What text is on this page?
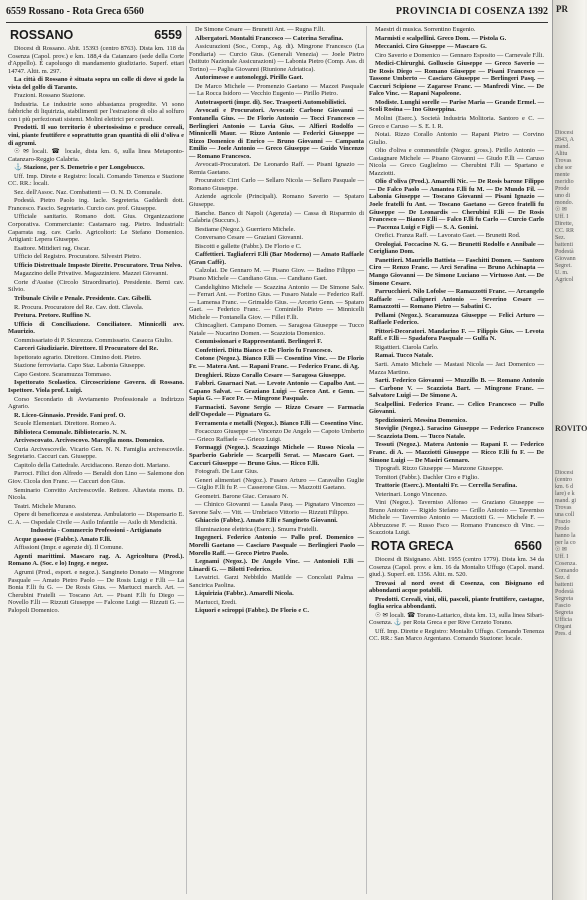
6559 Rossano - Rota Greca 6560	PROVINCIA DI COSENZA 1392
ROSSANO	6559

Diocesi di Rossano. Abit. 15393 (centro 8763). Dista km. 118 da Cosenza (Capol. prov.) e km. 188,4 da Catanzaro (sede della Corte d'Appello). È capoluogo di mandamento giudiziario. Superf. ettari 14747. Altit. m. 297.

La città di Rossano è situata sopra un colle di dove si gode la vista del golfo di Taranto.

Frazioni. Rossano Stazione.

Industria. Le industrie sono abbastanza progredite. Vi sono fabbriche di liquirizia, stabilimenti per l'estrazione di olio al solfuro con i più perfezionati sistemi. Molini elettrici per cereali.

Prodotti. Il suo territorio è ubertosissimo e produce cereali, vini, piante fruttifere e soprattutto gran quantità di olii d'oliva e di agrumi.

☉ ✉ locali. ☎ locale, dista km. 6, sulla linea Metaponto-Catanzaro-Reggio Calabria.

⚓ Stazione, per S. Demetrio e per Longobucco.

Uff. Imp. Direte e Registro: locali. Comando Tenenza e Stazione CC. RR.: locali.

Sez. dell'Assoc. Naz. Combattenti — O. N. D. Comunale.

Podestà. Pietro Paolo ing. Iacle. Segreteria. Gaddardi dott. Francesco. Fascio. Segretario. Curcio cav. prof. Giuseppe.

Ufficiale sanitario. Romano dott. Gius. Organizzazione Corporativa. Commerciante: Castamaro rag. Pietro. Industriali: Caparrata rag. cav. Carlo. Agricoltori: Le Stefano Domenico. Artigiani: Lepera Giuseppe.

Esattore. Mitidieri rag. Oscar.

Ufficio del Registro. Procuratore. Silvestri Pietro.

Ufficio Distrettuale Imposte Dirette. Procuratore. Trua Nelvo.

Magazzino delle Privative. Magazziniere. Mazzei Giovanni.

Corte d'Assise (Circolo Straordinario). Presidente. Berni cav. Silvio.

Tribunale Civile e Penale. Presidente. Cav. Gibelli.

R. Procura. Procuratore del Re. Cav. dott. Clavola.

Pretura. Pretore. Ruffino N.

Ufficio di Conciliazione. Conciliatore. Minnicelli avv. Maurizio.

Commissariato di P. Sicurezza. Commissario. Casacca Giulio.

Carceri Giudiziarie. Direttore. Il Procuratore del Re.

Ispettorato agrario. Direttore. Cimino dott. Pietro.

Stazione ferroviaria. Capo Staz. Labonia Giuseppe.

Capo Gestore. Scaramuzza Tommaso.

Ispettorato Scolastico. Circoscrizione Govern. di Rossano. Ispettore. Viola prof. Luigi.

Corso Secondario di Avviamento Professionale a Indirizzo Agrario.

R. Liceo-Ginnasio. Preside. Fani prof. O.

Scuole Elementari. Direttore. Romeo A.

Biblioteca Comunale. Bibliotecario. N. N.

Arcivescovato. Arcivescovo. Mareglia mons. Domenico.

Curia Arcivescovile. Vicario Gen. N. N. Famiglia arcivescovile. Segretario. Caccuri can. Giuseppe.

Capitolo della Cattedrale. Arcidiacono. Renzo dott. Mariano.

Parroci. Filici don Alfredo — Beraldi don Lino — Salemone don Giov. Cicola don Franc. — Caccuri don Gius.

Seminario Convitto Arcivescovile. Rettore. Altavista mons. D. Nicola.

Teatri. Michele Murano.

Opere di beneficenza e assistenza. Ambulatorio — Dispensario E. C. A. — Ospedale Civile — Asilo Infantile — Asilo di Mendicità.

Industria - Commercio Professioni - Artigianato

Acque gassose (Fabbr.). Amato F.lli.

Affissioni (Impr. e agenzie di). Il Comune.

Agenti marittimi. Mascaro rag. A. Agricoltura (Prod.). Romano A. (Soc. e lo) Ingeg. e negoz.

Agrumi (Prod., esport. e negoz.). Sangineto Donato — Mingrone Pasquale — Amato Pietro Paolo — De Rosis Luigi e F.lli — La Bonia F.lli fu G. — De Rosis Gius. — Martucci march. Art. — Cherubini Fratelli — Toscano Art. — Pisani F.lli fu Diego — Novello F.lli — Rizzuti Giuseppe — Falcone Luigi — Rizzuti G. — Palopoli Domenico.

De Simone Cesare — Brunetti Ant. — Rugna F.lli.

Albergatori. Montalti Francesco — Caterina Serafina.

Assicurazioni (Soc., Comp., Ag. di). Mingrone Francesco (La Fondiaria) — Curcio Gius. (Generali Venezia) — Joele Pietro (Istituto Nazionale Assicurazioni) — Labonia Pietro (Comp. Ass. di Torino) — Paglia Giovanni (Riunione Adriatica).

Autorimesse e autonoleggi. Pirillo Gaet.

De Marco Michele — Promenzio Gaetano — Mazzei Pasquale — La Rocca Isidoro — Vecchio Eugenio — Pirillo Pietro.

Autotrasporti (impr. di). Soc. Trasporti Automobilistici.

Avvocati e Procuratori. Avvocati: Carbone Giovanni — Fontanella Gius. — De Florio Antonio — Tocci Francesco — Berlingieri Antonio — Lavia Gius. — Alfieri Rodolfo — Minnicelli Maur. — Rizzo Antonio — Federici Giuseppe — Rizzo Domenico di Enrico — Bruno Giovanni — Campanta Emilio — Joele Antonio — Greco Giuseppe — Guido Vincenzo — Romano Francesco.

Avvocati-Procuratori. De Leonardo Raff. — Pisani Ignazio — Remia Gaetano.

Procuratori: Cirri Carlo — Sellaro Nicola — Sellaro Pasquale — Romano Giuseppe.

Aziende agricole (Principali). Romano Saverio — Spataro Giuseppe.

Banche. Banco di Napoli (Agenzia) — Cassa di Risparmio di Calabria (Succurs.).

Bestiame (Negoz.). Guerriero Michele.

Conversano Cesare — Graziani Giovanni.

Biscotti e gallette (Fabbr.). De Florio e C.

Caffettieri. Tagliaferri F.lli (Bar Moderno) — Amato Raffaele (Gran Caffè).

Calzolai. De Gennaro M. — Pisano Giov. — Badino Filippo — Pisano Michele — Candiano Gius. — Candiano Gaet.

Candelighino Michele — Scazzina Antonio — De Simone Salv. — Ferrari Ant. — Fortino Gius. — Fusaro Natale — Federico Raff. — Lamensa Franc. — Grimaldo Gius. — Arcerio Genn. — Spataro Gaet. — Federico Franc. — Cominiello Pietro — Minnicelli Michele — Fontanella Giov. — Fillei F.lli.

Chincaglieri. Campano Domen. — Saragosa Giuseppe — Tucco Natale — Nucarino Domen. — Scazziota Domenico.

Commissionari e Rappresentanti. Berlingeri F.

Confettieri. Ditta Bianco e De Florio fu Francesco.

Cotone (Negoz.). Bianco F.lli — Cosentino Vinc. — De Florio Fr. — Matera Ant. — Rapani Franc. — Federico Franc. di Ag.

Droghieri. Rizzo Corallo Cesare — Saragosa Giuseppe.

Fabbri. Guarnaci Nat. — Levote Antonio — Capalbo Ant. — Capano Salvat. — Graziano Luigi — Greco Ant. e Genn. — Sapia G. — Face Fr. — Mingrone Pasquale.

Farmacisti. Savone Sergio — Rizzo Cesare — Farmacia dell'Ospedale — Pignataro G.

Ferramenta e metalli (Negoz.). Bianco F.lli — Cosentino Vinc.

Focaccuzo Giuseppe — Vincenzo De Angelo — Capoto Umberto — Grieco Raffaele — Grieco Luigi.

Formaggi (Negoz.). Scazzingo Michele — Russo Nicola — Sparberio Gabriele — Scarpelli Serat. — Mascaro Gaet. — Caccuri Giuseppe — Bruno Gius. — Ricco F.lli.

Fotografi. De Laur Gius.

Generi alimentari (Negoz.). Fusaro Arturo — Caravalho Guglie — Giglio F.lli fu P. — Casserone Gius. — Mazzotti Gaetano.

Geometri. Barone Giac. Cerasaro N.

— Chinico Giovanni — Lasala Pasq. — Pignataro Vincenzo — Savone Salv. — Vitt. — Umbriaco Vittorio — Rizzuti Filippo.

Ghiaccio (Fabbr.). Amato F.lli e Sangineto Giovanni.

Illuminazione elettrica (Eserc.). Smurra Fratelli.

Ingegneri. Federico Antonio — Pallo prof. Domenico — Morelli Gaetano — Casciaro Pasquale — Berlingieri Paolo — Morello Raff. — Greco Pietro Paolo.

Legnami (Negoz.). De Angelo Vinc. — Antonioli F.lli — Linardi G. — Bilotti Federico.

Levatrici. Garzi Nebbildo Matilde — Concolati Palma — Sancirica Paolina.

Liquirizia (Fabbr.). Amarelli Nicola.

Martucci, Eredi.

Liquori e sciroppi (Fabbr.). De Florio e C.

Maestri di musica. Sorrentino Eugenio.

Marmisti e scalpellini. Greco Dom. — Pistola G.

Meccanici. Ciro Giuseppe — Mascaro G.

Ciro Saverio e Domenico — Gennaro Esposito — Carnevale F.lli.

Medici-Chirurghi. Golluscio Giuseppe — Greco Saverio — De Rosis Diego — Romano Giuseppe — Pisani Francesco — Tassone Umberto — Casciaro Giuseppe — Berlingeri Pasq. — Caccuri Scipione — Zagarese Franc. — Manfredi Vinc. — De Falco Vinc. — Rapani Napoleone.

Modiste. Lunghi sorelle — Parise Maria — Grande Ermel. — Scoli Rosina — Ino Giuseppina.

Molini (Eserc.). Società Industria Molitoria. Santoro e C. — Greco e Caruso — S. E. I. R.

Notai. Rizzo Corallo Antonio — Rapani Pietro — Corvino Giulio.

Olio d'oliva e commestibile (Negoz. gross.). Pirillo Antonio — Castagnare Michele — Pisano Giovanni — Giudo F.lli — Caruso Nicola — Greco Guglielmo — Cherubini F.lli — Spartano e Mazziotti.

Olio d'oliva (Prod.). Amarelli Nic. — De Rosis barone Filippo — De Falco Paolo — Amantea F.lli fu M. — De Mundo Fil. — Labonia Giuseppe — Toscano Giovanni — Pisani Ignazio — Joele fratelli fu Ant. — Toscano Gaetano — Greco fratelli fu Giuseppe — De Leonardis — Cherubini F.lli — De Rosis Francesco — Bianco F.lli — Falco F.lli fu Carlo — Curcio Carlo — Pacenza Luigi e Figli — S. A. Gonini.

Orefici. Franza Raff. — Lavorato Gaet. — Brunetti Rod.

Orologiai. Foccacino N. G. — Brunetti Rodolfo e Annibale — Corigliano Dom.

Panettieri. Mauriello Battista — Faschitti Domen. — Santoro Ciro — Renzo Franc. — Arci Serafina — Bruno Achinapta — Mango Giovanni — De Simone Luciano — Virtuoso Ant. — De Simone Cesare.

Parrucchieri. Nilo Lofolse — Ramazzotti Franc. — Arcangelo Raffaele — Caligneri Antonio — Severino Cesare — Ramazzotti — Romano Pietro — Sabatini C.

Pellami (Negoz.). Scaramuzza Giuseppe — Felici Arturo — Raffaele Federico.

Pittori-Decoratori. Mandarino F. — Filippis Gius. — Levota Raff. e F.lli — Spadafora Pasquale — Gulfa N.

Rigattieri. Ciarola Carlo.

Ramai. Tucco Natale.

Sarti. Amato Michele — Mastasi Nicola — Jaci Domenico — Mazza Martino.

Sarti. Federico Giovanni — Muzzillo B. — Romano Antonio — Carbone V. — Scazziota Bart. — Mingrone Franc. — Salvatore Luigi — De Simone A.

Scalpellini. Federico Franc. — Celico Francesco — Pullo Giovanni.

Spedizionieri. Messina Domenico.

Stoviglie (Negoz.). Saracino Giuseppe — Federico Francesco — Scazziota Dom. — Tucco Natale.

Tessuti (Negoz.). Matera Antonio — Rapani F. — Federico Franc. di A. — Mazziotti Giuseppe — Ricco F.lli fu F. — De Simone Luigi — De Masiri Gennaro.

Tipografi. Rizzo Giuseppe — Manzone Giuseppe.

Tornitori (Fabbr.). Dachler Ciro e Figlio.

Trattorie (Eserc.). Montalti Fr. — Cerrella Serafina.

Veterinari. Longo Vincenzo.

Vini (Negoz.). Taverniso Alfonso — Graziano Giuseppe — Bruno Antonio — Rigido Stefano — Grillo Antonio — Taverniso Michele — Taverniso Antonio — Mazziotti G. — Michele F. — Abbruzzese F. — Russo Fsco — Romano Francesco di Vinc. — Scazziota Luigi.

ROTA GRECA	6560

Diocesi di Bisignano. Abit. 1955 (centro 1779). Dista km. 34 da Cosenza (Capol. prov. e km. 16 da Montalto Uffugo (Capol. mand. giud.). Superf. ett. 1356. Altit. m. 520.

Trovasi al nord ovest di Cosenza, con Bisignano ed abbondanti acque potabili.

Prodotti. Cereali, vini, olii, pascoli, piante fruttifere, castagne, foglia serica abbondanti.

☉ ✉ locali. ☎ Torano-Lattarico, dista km. 13, sulla linea Sibari-Cosenza. ⚓ per Rota Greca e per Rive Cerzeto Torano.

Uff. Imp. Dirette e Registro: Montalto Uffugo. Comando Tenenza CC. RR.: San Marco Argentano. Comando Stazione: locale.

PR
Diocesi
2843, A
mand.
Alitu
Trovas
che sor
mente
meridio
Prode
uno di
mondo.
☉ ✉
Uff. I
Dirette,
CC. RR
Sez.
battenti
Podestà
Giovann
Segret.
U. m.
Agricol
ROVITO
Diocesi
(centro
km. 6 d
lare) e k
mand. gi
Trovas
una coll
Frazio
Prodo
hanno la
per la co
☉ ✉
Uff. I
Cosenza.
Comando
Sez. d
battenti
Podestà
Segreta
Fascio
Segreta
Ufficia
Organi
Pres. d
